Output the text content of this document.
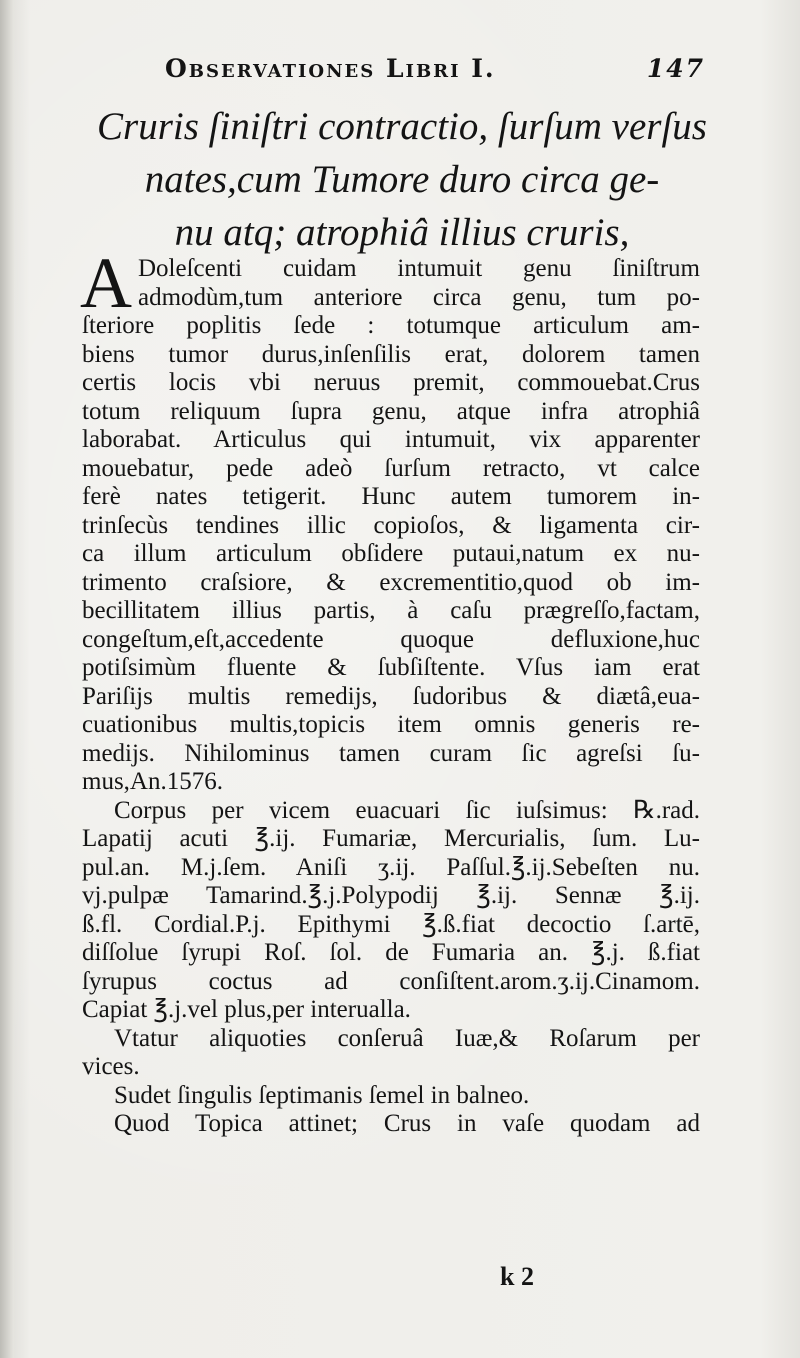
Observationes Libri I.	147
Cruris ſiniſtri contractio, ſurſum verſus
nates,cum Tumore duro circa ge-
nu atq; atrophiâ illius cruris,
A Doleſcenti cuidam intumuit genu ſiniſtrum
admodùm,tum anteriore circa genu, tum po-
ſteriore poplitis ſede : totumque articulum am-
biens tumor durus,inſenſilis erat, dolorem tamen
certis locis vbi neruus premit, commouebat.Crus
totum reliquum ſupra genu, atque infra atrophiâ
laborabat. Articulus qui intumuit, vix apparenter
mouebatur, pede adeò ſurſum retracto, vt calce
ferè nates tetigerit. Hunc autem tumorem in-
trinſecùs tendines illic copioſos, & ligamenta cir-
ca illum articulum obſidere putaui,natum ex nu-
trimento craſsiore, & excrementitio,quod ob im-
becillitatem illius partis, à caſu prægreſſo,factam,
congeſtum,eſt,accedente quoque defluxione,huc
potiſsimùm fluente & ſubſiſtente. Vſus iam erat
Pariſijs multis remedijs, ſudoribus & diætâ,eua-
cuationibus multis,topicis item omnis generis re-
medijs. Nihilominus tamen curam ſic agreſsi ſu-
mus,An.1576.
Corpus per vicem euacuari ſic iuſsimus: ℞.rad.
Lapatij acuti ℥.ij. Fumariæ, Mercurialis, ſum. Lu-
pul.an. M.j.ſem. Aniſi ʒ.ij. Paſſul.℥.ij.Sebeſten nu.
vj.pulpæ Tamarind.℥.j.Polypodij ℥.ij. Sennæ ℥.ij.
ß.fl. Cordial.P.j. Epithymi ℥.ß.fiat decoctio ſ.artē,
diſſolue ſyrupi Roſ. ſol. de Fumaria an. ℥.j. ß.fiat
ſyrupus coctus ad conſiſtent.arom.ʒ.ij.Cinamom.
Capiat ℥.j.vel plus,per interualla.
Vtatur aliquoties conſeruâ Iuæ,& Roſarum per
vices.
Sudet ſingulis ſeptimanis ſemel in balneo.
Quod Topica attinet; Crus in vaſe quodam ad
k 2
